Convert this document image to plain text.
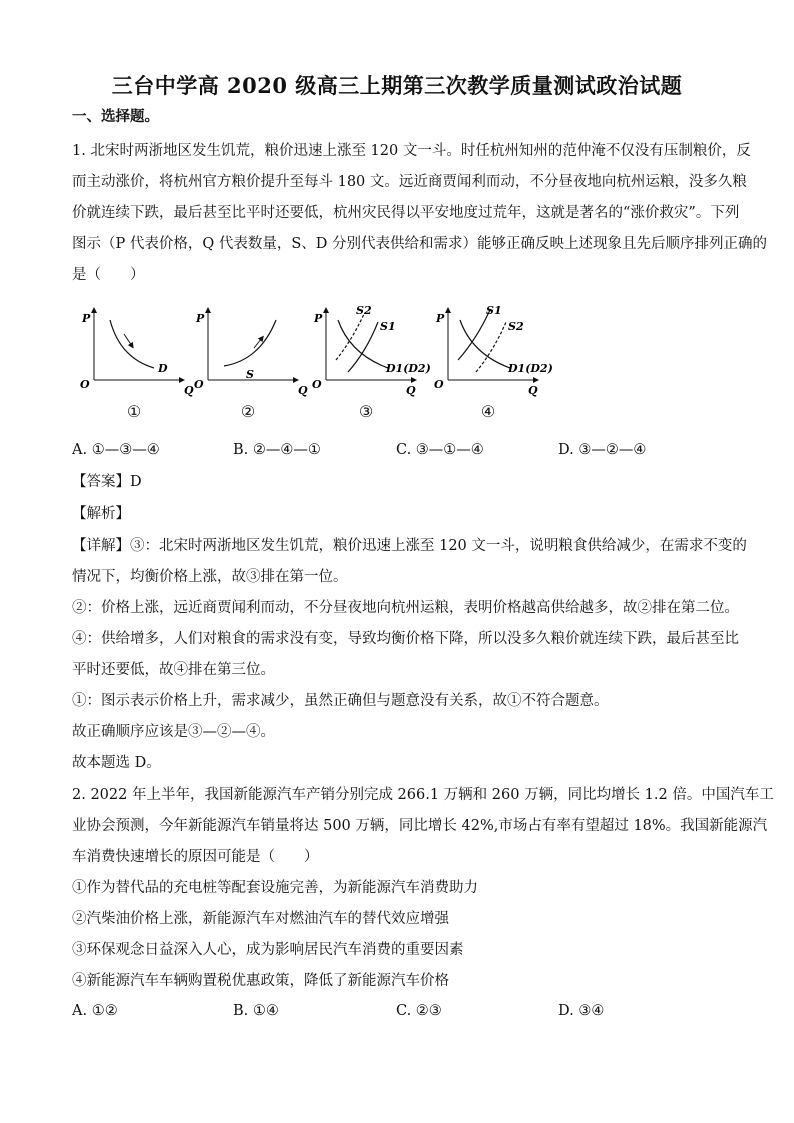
三台中学高 2020 级高三上期第三次教学质量测试政治试题
一、选择题。
1. 北宋时两浙地区发生饥荒，粮价迅速上涨至 120 文一斗。时任杭州知州的范仲淹不仅没有压制粮价，反
而主动涨价，将杭州官方粮价提升至每斗 180 文。远近商贾闻利而动，不分昼夜地向杭州运粮，没多久粮
价就连续下跌，最后甚至比平时还要低，杭州灾民得以平安地度过荒年，这就是著名的“涨价救灾”。下列
图示（P 代表价格，Q 代表数量，S、D 分别代表供给和需求）能够正确反映上述现象且先后顺序排列正确的
是（　　）
P
Q
O
D
①
P
Q
O
S
②
P
Q
O
S2
S1
D1(D2)
③
P
Q
O
S1
S2
D1(D2)
④
A. ①—③—④	B. ②—④—①	C. ③—①—④	D. ③—②—④
【答案】D
【解析】
【详解】③：北宋时两浙地区发生饥荒，粮价迅速上涨至 120 文一斗，说明粮食供给减少，在需求不变的
情况下，均衡价格上涨，故③排在第一位。
②：价格上涨，远近商贾闻利而动，不分昼夜地向杭州运粮，表明价格越高供给越多，故②排在第二位。
④：供给增多，人们对粮食的需求没有变，导致均衡价格下降，所以没多久粮价就连续下跌，最后甚至比
平时还要低，故④排在第三位。
①：图示表示价格上升，需求减少，虽然正确但与题意没有关系，故①不符合题意。
故正确顺序应该是③—②—④。
故本题选 D。
2. 2022 年上半年，我国新能源汽车产销分别完成 266.1 万辆和 260 万辆，同比均增长 1.2 倍。中国汽车工
业协会预测，今年新能源汽车销量将达 500 万辆，同比增长 42%,市场占有率有望超过 18%。我国新能源汽
车消费快速增长的原因可能是（　　）
①作为替代品的充电桩等配套设施完善，为新能源汽车消费助力
②汽柴油价格上涨，新能源汽车对燃油汽车的替代效应增强
③环保观念日益深入人心，成为影响居民汽车消费的重要因素
④新能源汽车车辆购置税优惠政策，降低了新能源汽车价格
A. ①②	B. ①④	C. ②③	D. ③④
